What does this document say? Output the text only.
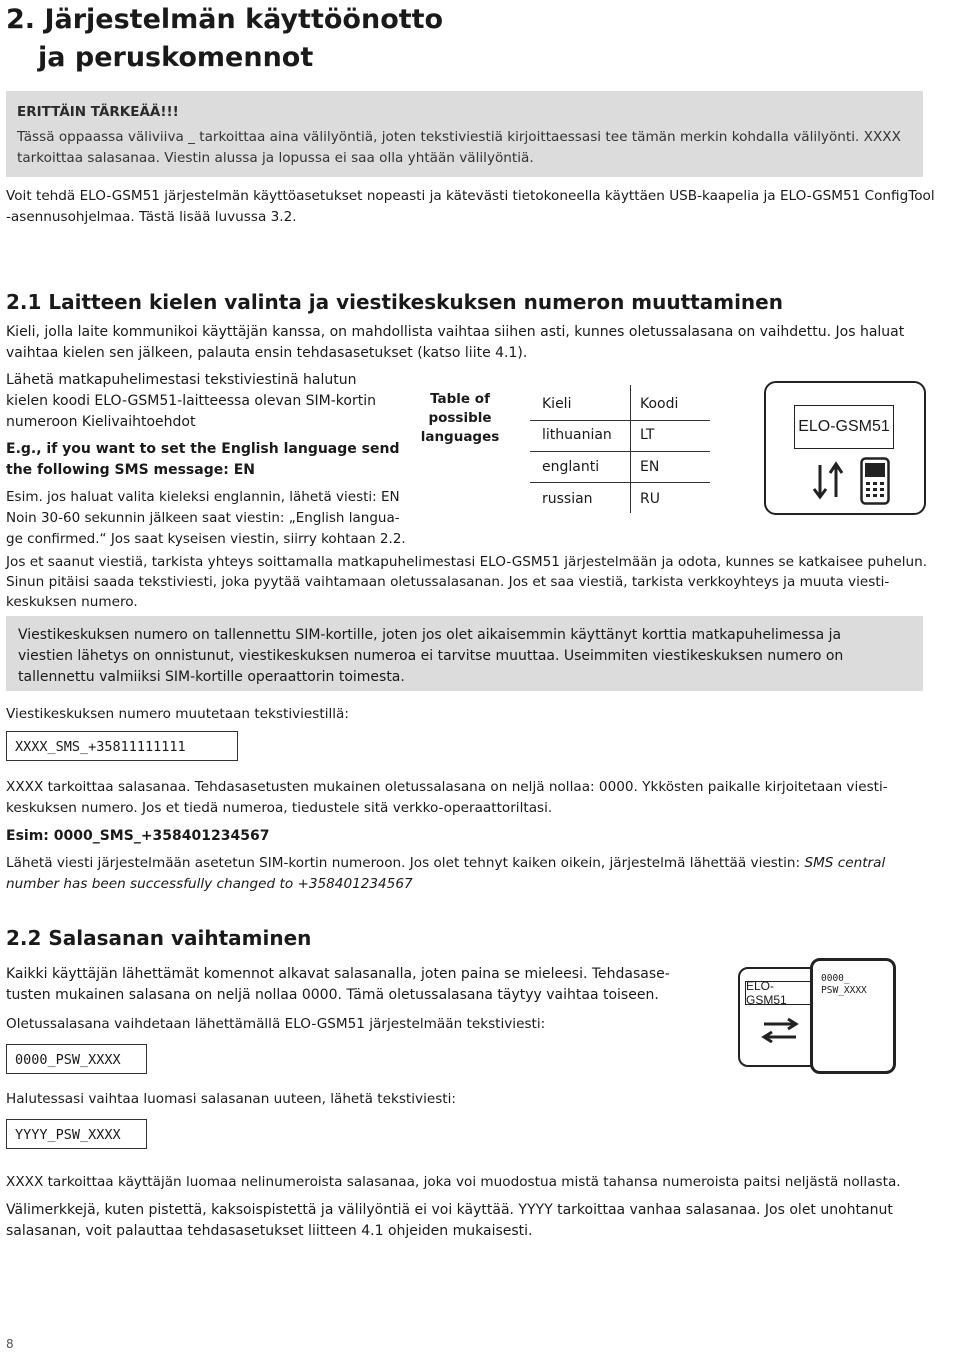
2. Järjestelmän käyttöönotto
ja peruskomennot
ERITTÄIN TÄRKEÄÄ!!!
Tässä oppaassa väliviiva _ tarkoittaa aina välilyöntiä, joten tekstiviestiä kirjoittaessasi tee tämän merkin kohdalla välilyönti. XXXX
tarkoittaa salasanaa. Viestin alussa ja lopussa ei saa olla yhtään välilyöntiä.
Voit tehdä ELO-GSM51 järjestelmän käyttöasetukset nopeasti ja kätevästi tietokoneella käyttäen USB-kaapelia ja ELO-GSM51 ConfigTool
-asennusohjelmaa. Tästä lisää luvussa 3.2.
2.1 Laitteen kielen valinta ja viestikeskuksen numeron muuttaminen
Kieli, jolla laite kommunikoi käyttäjän kanssa, on mahdollista vaihtaa siihen asti, kunnes oletussalasana on vaihdettu. Jos haluat
vaihtaa kielen sen jälkeen, palauta ensin tehdasasetukset (katso liite 4.1).
Lähetä matkapuhelimestasi tekstiviestinä halutun
kielen koodi ELO-GSM51-laitteessa olevan SIM-kortin
numeroon Kielivaihtoehdot
E.g., if you want to set the English language send
the following SMS message: EN
Esim. jos haluat valita kieleksi englannin, lähetä viesti: EN
Noin 30-60 sekunnin jälkeen saat viestin: „English langua-
ge confirmed.“ Jos saat kyseisen viestin, siirry kohtaan 2.2.
Table of
possible
languages
Kieli	Koodi
lithuanian LT
englanti	EN
russian	RU
ELO-GSM51
Jos et saanut viestiä, tarkista yhteys soittamalla matkapuhelimestasi ELO-GSM51 järjestelmään ja odota, kunnes se katkaisee puhelun.
Sinun pitäisi saada tekstiviesti, joka pyytää vaihtamaan oletussalasanan. Jos et saa viestiä, tarkista verkkoyhteys ja muuta viesti-
keskuksen numero.
Viestikeskuksen numero on tallennettu SIM-kortille, joten jos olet aikaisemmin käyttänyt korttia matkapuhelimessa ja
viestien lähetys on onnistunut, viestikeskuksen numeroa ei tarvitse muuttaa. Useimmiten viestikeskuksen numero on
tallennettu valmiiksi SIM-kortille operaattorin toimesta.
Viestikeskuksen numero muutetaan tekstiviestillä:
XXXX_SMS_+35811111111
XXXX tarkoittaa salasanaa. Tehdasasetusten mukainen oletussalasana on neljä nollaa: 0000. Ykkösten paikalle kirjoitetaan viesti-
keskuksen numero. Jos et tiedä numeroa, tiedustele sitä verkko-operaattoriltasi.
Esim: 0000_SMS_+358401234567
Lähetä viesti järjestelmään asetetun SIM-kortin numeroon. Jos olet tehnyt kaiken oikein, järjestelmä lähettää viestin: SMS central
number has been successfully changed to +358401234567
2.2 Salasanan vaihtaminen
Kaikki käyttäjän lähettämät komennot alkavat salasanalla, joten paina se mieleesi. Tehdasase-
tusten mukainen salasana on neljä nollaa 0000. Tämä oletussalasana täytyy vaihtaa toiseen.
Oletussalasana vaihdetaan lähettämällä ELO-GSM51 järjestelmään tekstiviesti:
0000_PSW_XXXX
Halutessasi vaihtaa luomasi salasanan uuteen, lähetä tekstiviesti:
YYYY_PSW_XXXX
ELO-GSM51
0000_
PSW_XXXX
XXXX tarkoittaa käyttäjän luomaa nelinumeroista salasanaa, joka voi muodostua mistä tahansa numeroista paitsi neljästä nollasta.
Välimerkkejä, kuten pistettä, kaksoispistettä ja välilyöntiä ei voi käyttää. YYYY tarkoittaa vanhaa salasanaa. Jos olet unohtanut
salasanan, voit palauttaa tehdasasetukset liitteen 4.1 ohjeiden mukaisesti.
8
